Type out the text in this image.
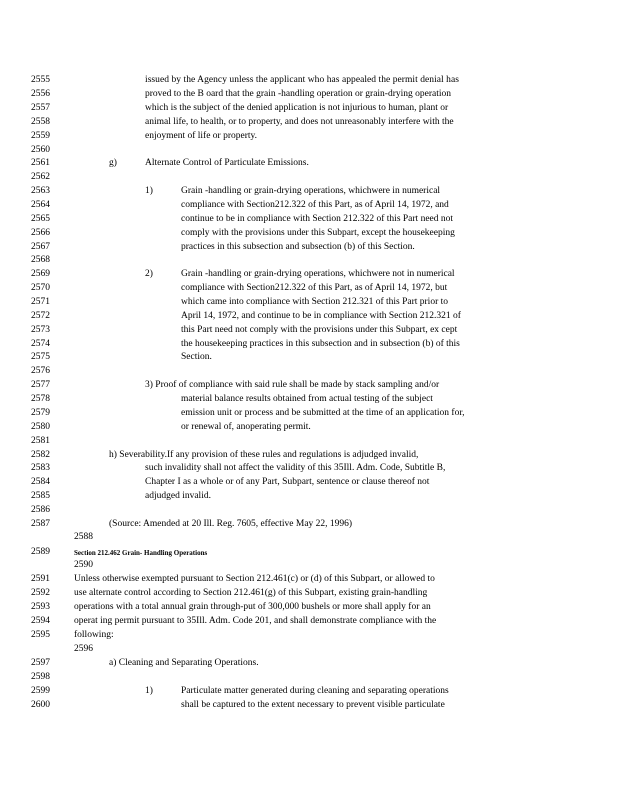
2555
2556
2557
2558
2559
2560
2561
2562
2563
2564
2565
2566
2567
2568
2569
2570
2571
2572
2573
2574
2575
2576
2577
2578
2579
2580
2581
2582
2583
2584
2585
2586
2587
2588
2589
2590
2591
2592
2593
2594
2595
2596
2597
2598
2599
2600
issued by the Agency unless the applicant who has appealed the permit denial has
proved to the B oard that the grain -handling operation or grain-drying operation
which is the subject of the denied application is not injurious to human, plant or
animal life, to health, or to property, and does not unreasonably interfere with the
enjoyment of life or property.
g)	Alternate Control of Particulate Emissions.
1)	Grain -handling or grain-drying operations, whichwere in numerical
compliance with Section212.322 of this Part, as of April 14, 1972, and
continue to be in compliance with Section 212.322 of this Part need not
comply with the provisions under this Subpart, except the housekeeping
practices in this subsection and subsection (b) of this Section.
2)	Grain -handling or grain-drying operations, whichwere not in numerical
compliance with Section212.322 of this Part, as of April 14, 1972, but
which came into compliance with Section 212.321 of this Part prior to
April 14, 1972, and continue to be in compliance with Section 212.321 of
this Part need not comply with the provisions under this Subpart, ex cept
the housekeeping practices in this subsection and in subsection (b) of this
Section.
3) Proof of compliance with said rule shall be made by stack sampling and/or
material balance results obtained from actual testing of the subject
emission unit or process and be submitted at the time of an application for,
or renewal of, anoperating permit.
h) Severability.If any provision of these rules and regulations is adjudged invalid,
such invalidity shall not affect the validity of this 35Ill. Adm. Code, Subtitle B,
Chapter I as a whole or of any Part, Subpart, sentence or clause thereof not
adjudged invalid.
(Source: Amended at 20 Ill. Reg. 7605, effective May 22, 1996)
Section 212.462 Grain- Handling Operations
Unless otherwise exempted pursuant to Section 212.461(c) or (d) of this Subpart, or allowed to
use alternate control according to Section 212.461(g) of this Subpart, existing grain-handling
operations with a total annual grain through-put of 300,000 bushels or more shall apply for an
operat ing permit pursuant to 35Ill. Adm. Code 201, and shall demonstrate compliance with the
following:
a) Cleaning and Separating Operations.
1)	Particulate matter generated during cleaning and separating operations
shall be captured to the extent necessary to prevent visible particulate
